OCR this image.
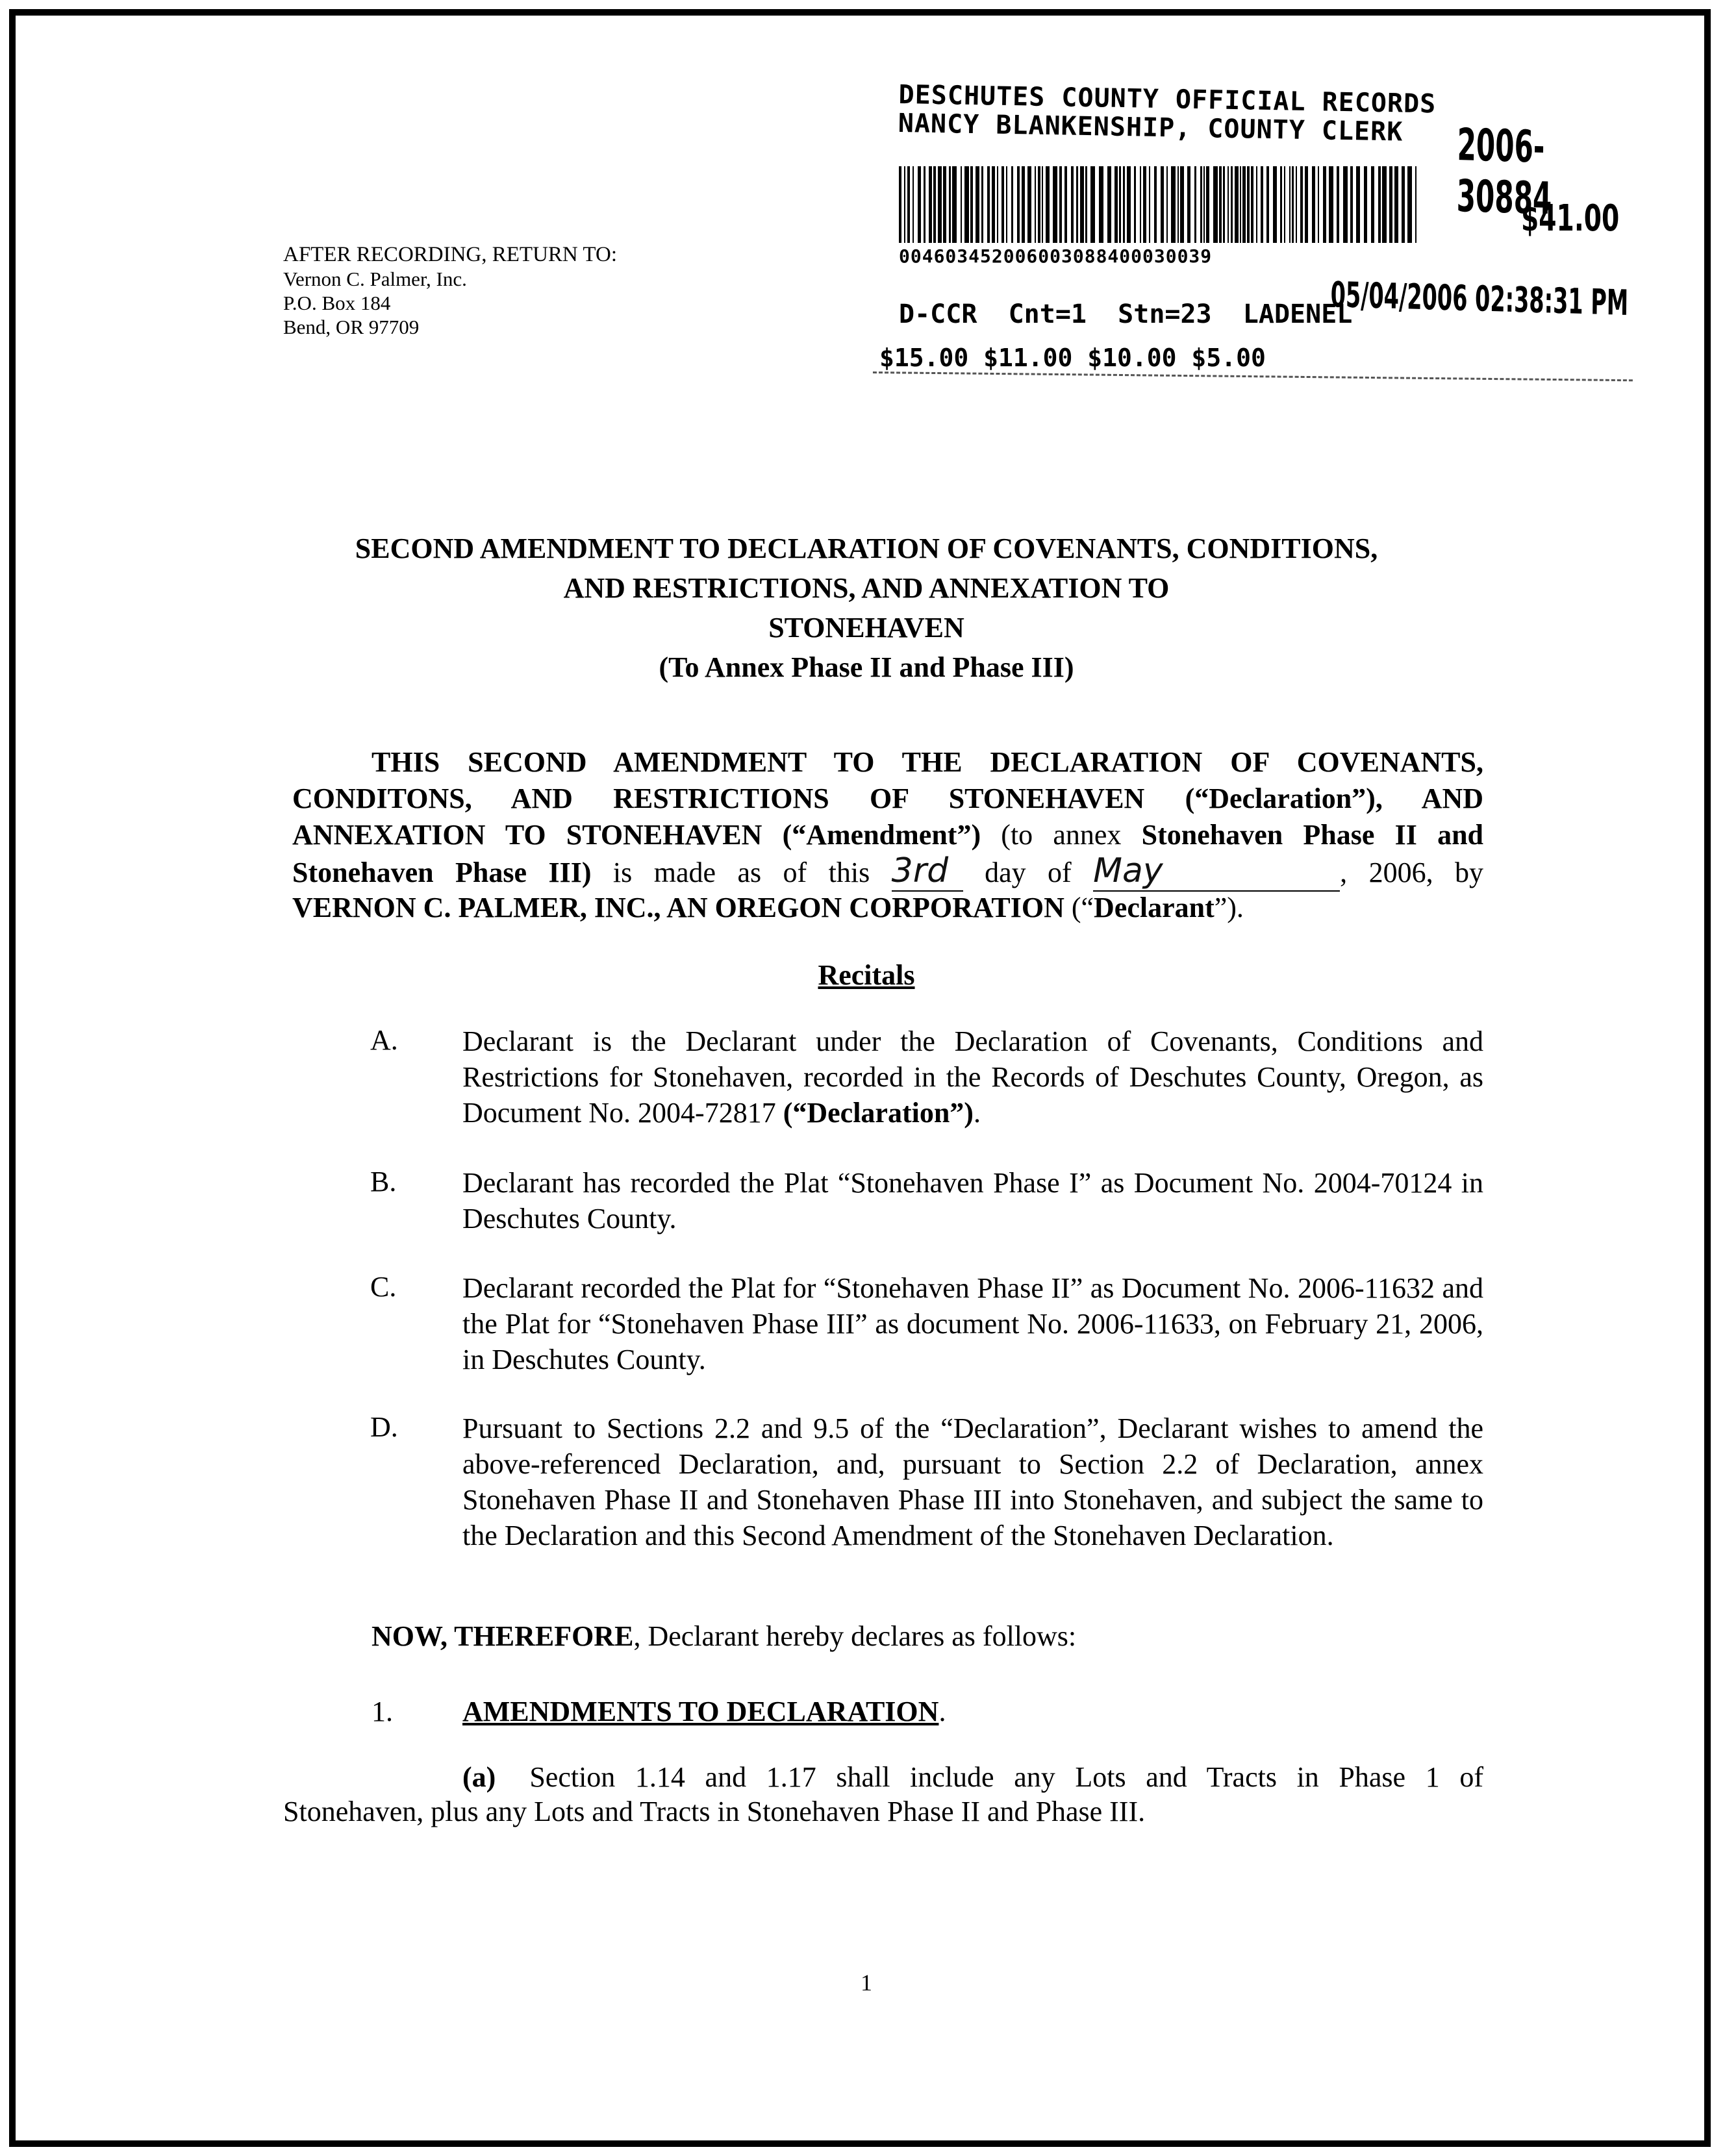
DESCHUTES COUNTY OFFICIAL RECORDS
NANCY BLANKENSHIP, COUNTY CLERK	2006-30884
$41.00
004603452006003088400030039
05/04/2006 02:38:31 PM
D-CCR  Cnt=1  Stn=23  LADENEL
$15.00 $11.00 $10.00 $5.00
AFTER RECORDING, RETURN TO:
Vernon C. Palmer, Inc.
P.O. Box 184
Bend, OR 97709
SECOND AMENDMENT TO DECLARATION OF COVENANTS, CONDITIONS,
AND RESTRICTIONS, AND ANNEXATION TO
STONEHAVEN
(To Annex Phase II and Phase III)
THIS SECOND AMENDMENT TO THE DECLARATION OF COVENANTS,
CONDITONS, AND RESTRICTIONS OF STONEHAVEN (“Declaration”), AND
ANNEXATION TO STONEHAVEN (“Amendment”) (to annex Stonehaven Phase II and
Stonehaven Phase III) is made as of this 3rd day of May	, 2006, by
VERNON C. PALMER, INC., AN OREGON CORPORATION (“Declarant”).
Recitals
A. Declarant is the Declarant under the Declaration of Covenants, Conditions and Restrictions for Stonehaven, recorded in the Records of Deschutes County, Oregon, as Document No. 2004-72817 (“Declaration”).
B. Declarant has recorded the Plat “Stonehaven Phase I” as Document No. 2004-70124 in Deschutes County.
C. Declarant recorded the Plat for “Stonehaven Phase II” as Document No. 2006-11632 and the Plat for “Stonehaven Phase III” as document No. 2006-11633, on February 21, 2006, in Deschutes County.
D. Pursuant to Sections 2.2 and 9.5 of the “Declaration”, Declarant wishes to amend the above-referenced Declaration, and, pursuant to Section 2.2 of Declaration, annex Stonehaven Phase II and Stonehaven Phase III into Stonehaven, and subject the same to the Declaration and this Second Amendment of the Stonehaven Declaration.
NOW, THEREFORE, Declarant hereby declares as follows:
1. AMENDMENTS TO DECLARATION.
(a) Section 1.14 and 1.17 shall include any Lots and Tracts in Phase 1 of
Stonehaven, plus any Lots and Tracts in Stonehaven Phase II and Phase III.
1
